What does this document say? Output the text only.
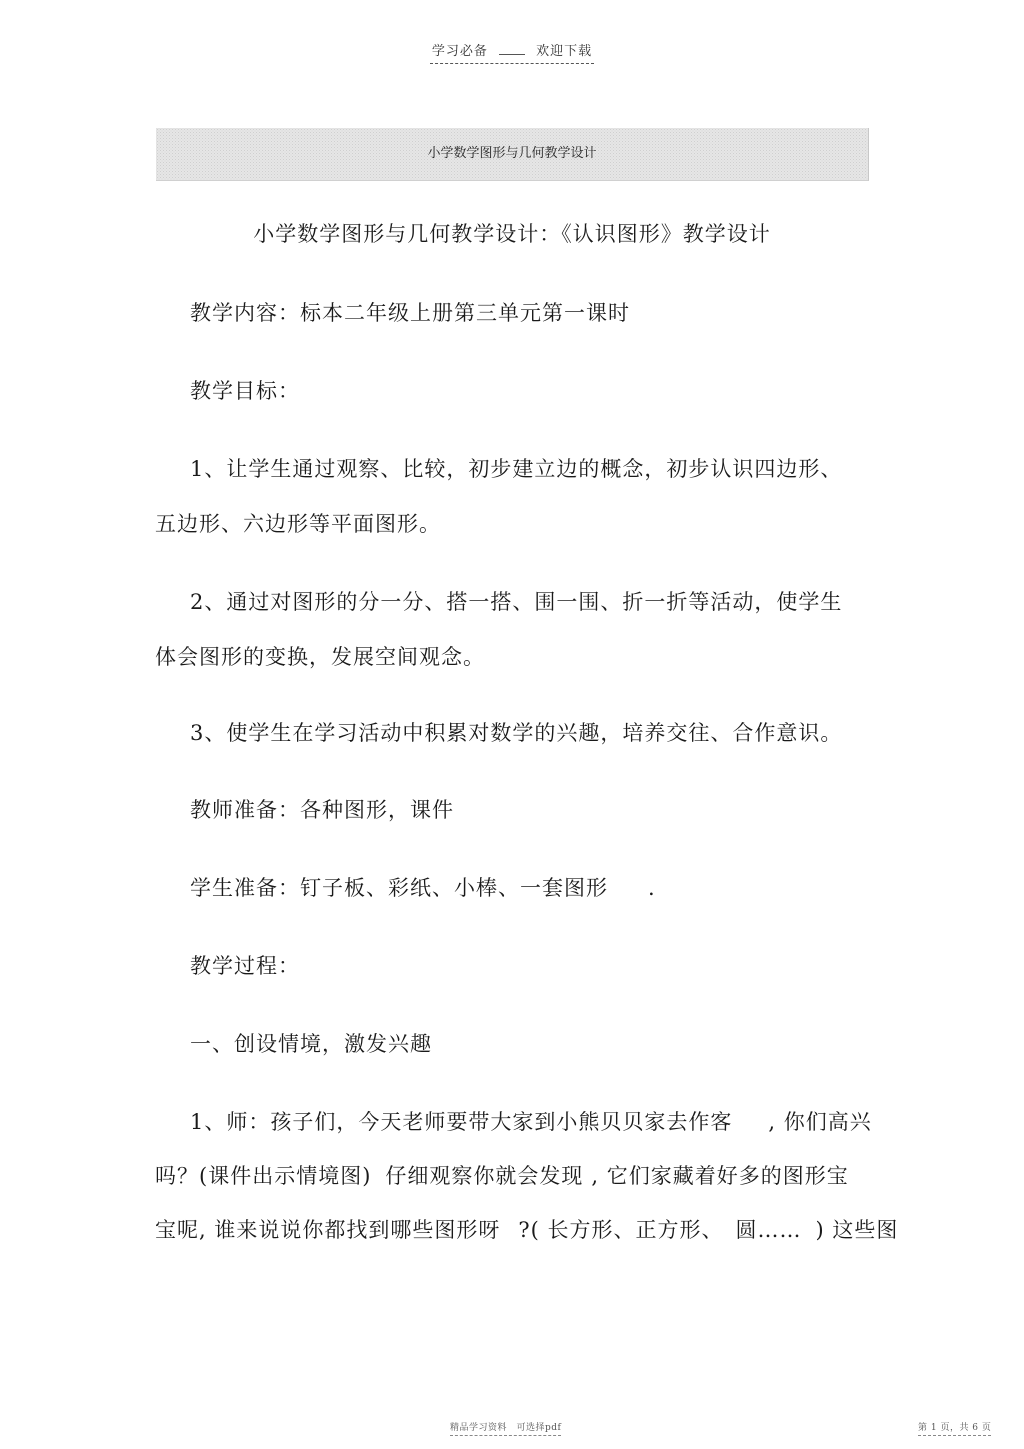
学习必备	欢迎下载
小学数学图形与几何教学设计
小学数学图形与几何教学设计：《认识图形》教学设计
教学内容：标本二年级上册第三单元第一课时
教学目标：
1、让学生通过观察、比较，初步建立边的概念，初步认识四边形、
五边形、六边形等平面图形。
2、通过对图形的分一分、搭一搭、围一围、折一折等活动，使学生
体会图形的变换，发展空间观念。
3、使学生在学习活动中积累对数学的兴趣，培养交往、合作意识。
教师准备：各种图形，课件
学生准备：钉子板、彩纸、小棒、一套图形 .
教学过程：
一、创设情境，激发兴趣
1、师：孩子们，今天老师要带大家到小熊贝贝家去作客 , 你们高兴
吗？(课件出示情境图) 仔细观察你就会发现 , 它们家藏着好多的图形宝
宝呢, 谁来说说你都找到哪些图形呀 ?( 长方形、正方形、 圆…… ) 这些图
精品学习资料　可选择pdf	第 1 页，共 6 页
